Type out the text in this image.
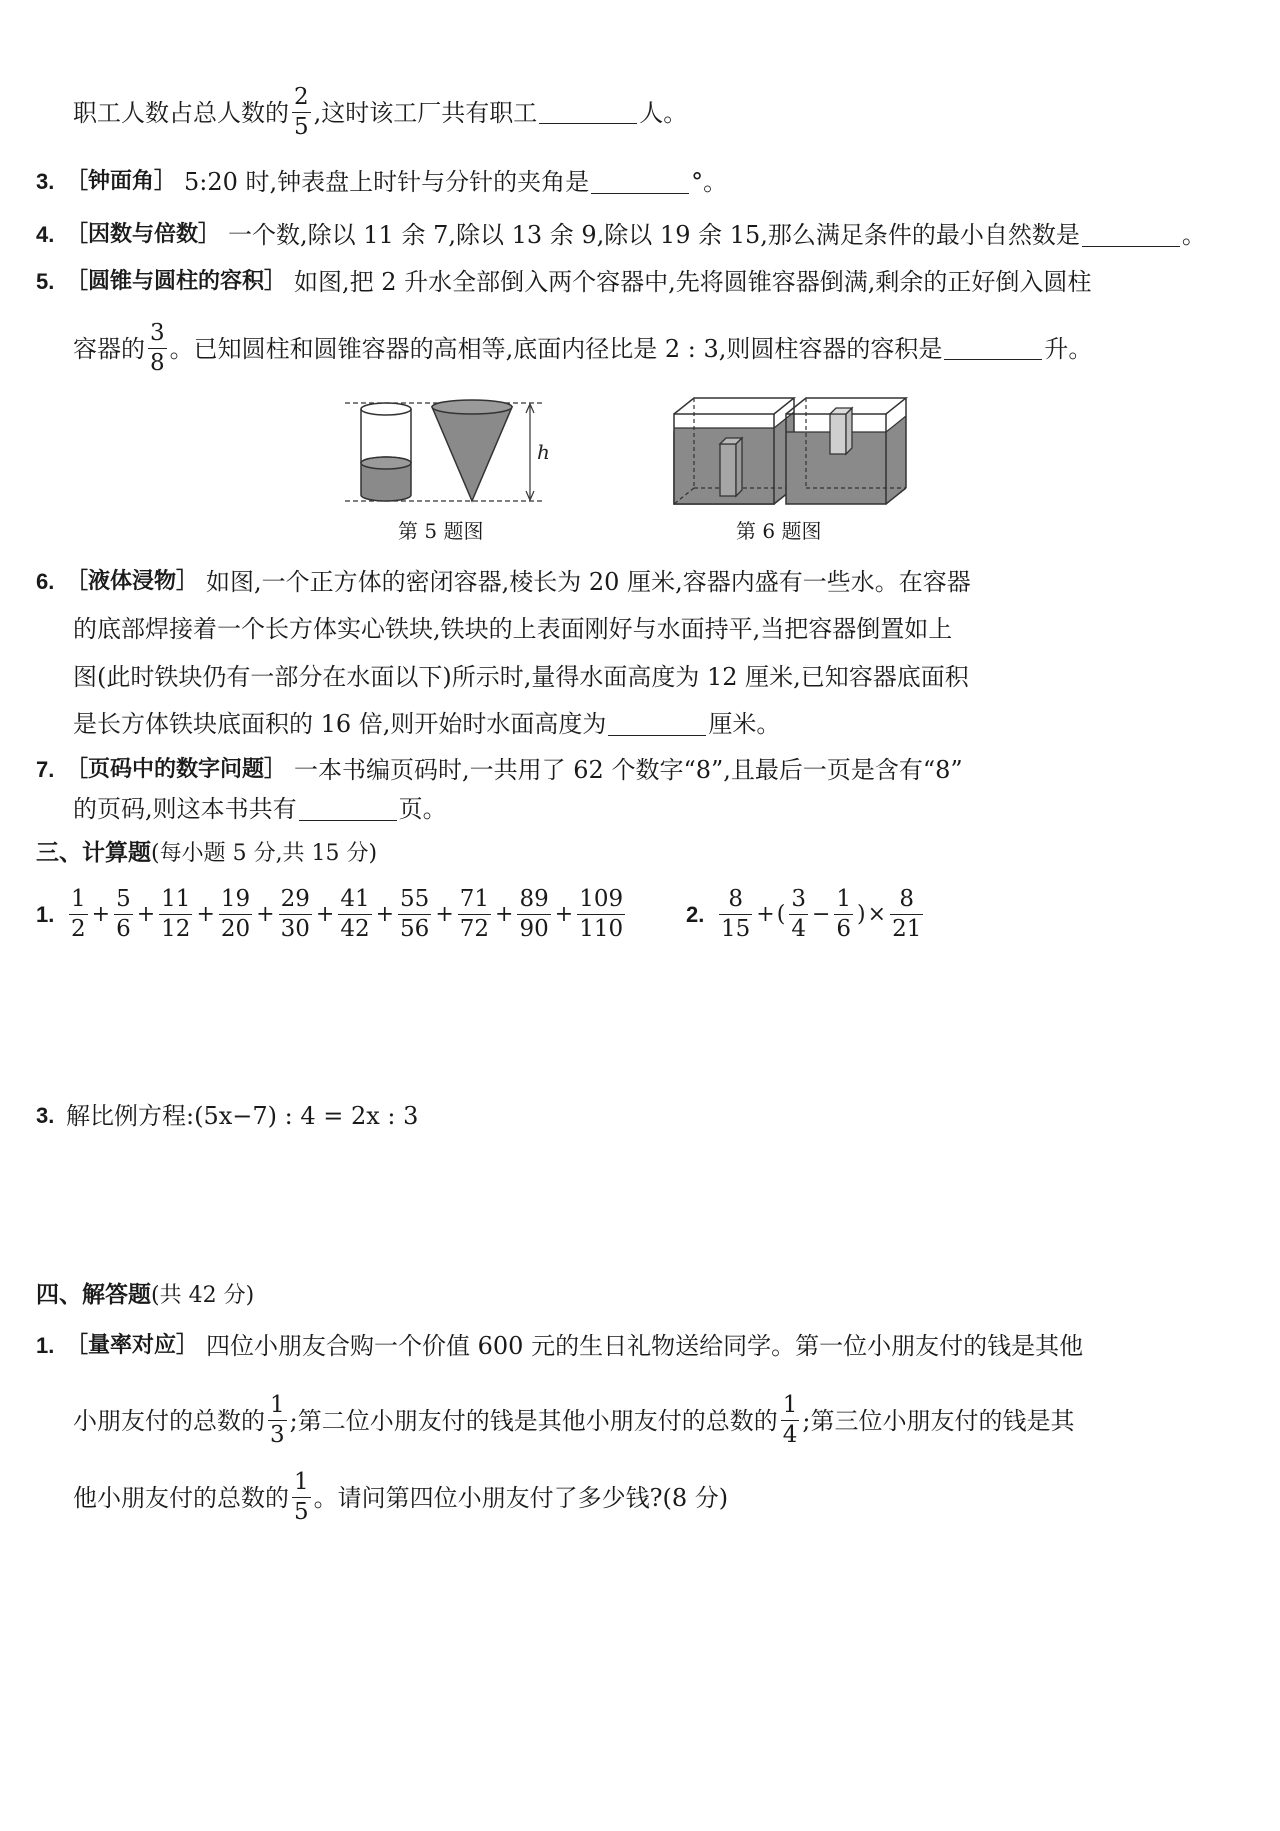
职工人数占总人数的 $\frac{2}{5}$ ,这时该工厂共有职工	人。
3. ［钟面角］ 5:20 时,钟表盘上时针与分针的夹角是	°。
4. ［因数与倍数］ 一个数,除以 11 余 7,除以 13 余 9,除以 19 余 15,那么满足条件的最小自然数是	。
5. ［圆锥与圆柱的容积］ 如图,把 2 升水全部倒入两个容器中,先将圆锥容器倒满,剩余的正好倒入圆柱
容器的 $\frac{3}{8}$ 。已知圆柱和圆锥容器的高相等,底面内径比是 2 : 3,则圆柱容器的容积是	升。
h
第 5 题图	第 6 题图
6. ［液体浸物］ 如图,一个正方体的密闭容器,棱长为 20 厘米,容器内盛有一些水。在容器
的底部焊接着一个长方体实心铁块,铁块的上表面刚好与水面持平,当把容器倒置如上
图(此时铁块仍有一部分在水面以下)所示时,量得水面高度为 12 厘米,已知容器底面积
是长方体铁块底面积的 16 倍,则开始时水面高度为	厘米。
7. ［页码中的数字问题］ 一本书编页码时,一共用了 62 个数字“8”,且最后一页是含有“8”
的页码,则这本书共有	页。
三、计算题 (每小题 5 分,共 15 分)
1. $\frac{1}{2} + \frac{5}{6} + \frac{11}{12} + \frac{19}{20} + \frac{29}{30} + \frac{41}{42} + \frac{55}{56} + \frac{71}{72} + \frac{89}{90} + \frac{109}{110}$	2. $\frac{8}{15}$ + ( $\frac{3}{4} - \frac{1}{6}$ ) × $\frac{8}{21}$
3. 解比例方程:(5x−7) : 4 = 2x : 3
四、解答题 (共 42 分)
1. ［量率对应］ 四位小朋友合购一个价值 600 元的生日礼物送给同学。第一位小朋友付的钱是其他
小朋友付的总数的 $\frac{1}{3}$ ;第二位小朋友付的钱是其他小朋友付的总数的 $\frac{1}{4}$ ;第三位小朋友付的钱是其
他小朋友付的总数的 $\frac{1}{5}$ 。请问第四位小朋友付了多少钱?(8 分)
